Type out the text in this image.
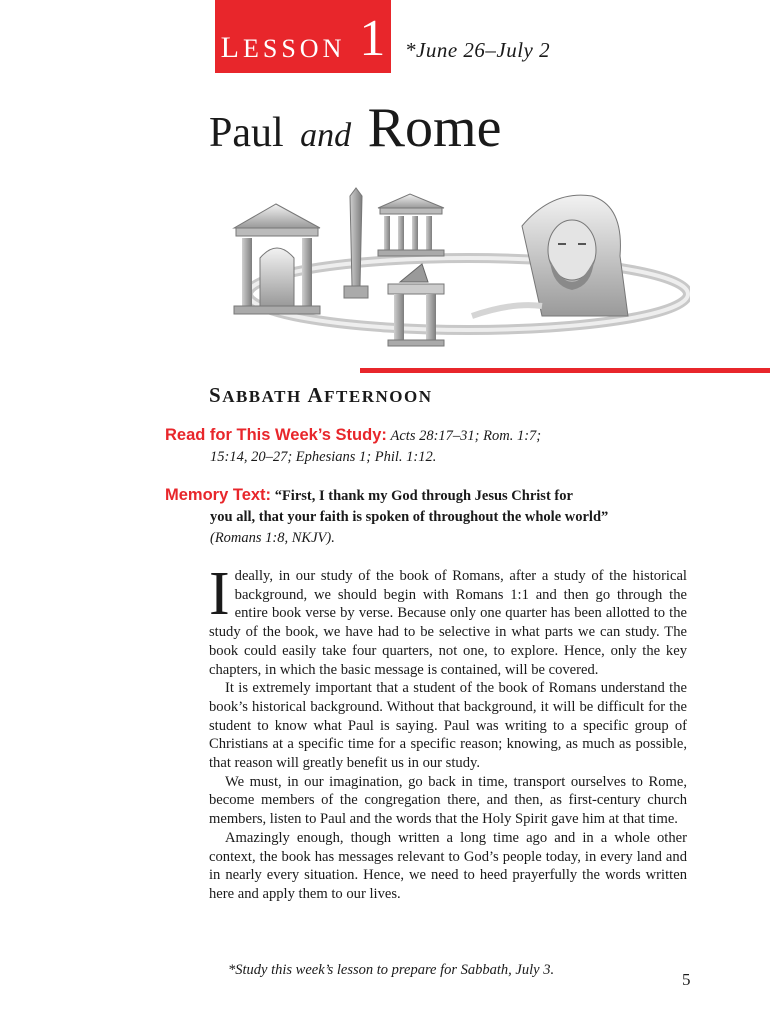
LESSON 1 *June 26–July 2
Paul and Rome
SABBATH AFTERNOON
Read for This Week’s Study: Acts 28:17–31; Rom. 1:7;
15:14, 20–27; Ephesians 1; Phil. 1:12.
Memory Text: “First, I thank my God through Jesus Christ for
you all, that your faith is spoken of throughout the whole world”
(Romans 1:8, NKJV).

Ideally, in our study of the book of Romans, after a study of the historical background, we should begin with Romans 1:1 and then go through the entire book verse by verse. Because only one quarter has been allotted to the study of the book, we have had to be selective in what parts we can study. The book could easily take four quarters, not one, to explore. Hence, only the key chapters, in which the basic message is contained, will be covered.

It is extremely important that a student of the book of Romans understand the book’s historical background. Without that background, it will be difficult for the student to know what Paul is saying. Paul was writing to a specific group of Christians at a specific time for a specific reason; knowing, as much as possible, that reason will greatly benefit us in our study.

We must, in our imagination, go back in time, transport ourselves to Rome, become members of the congregation there, and then, as first-century church members, listen to Paul and the words that the Holy Spirit gave him at that time.

Amazingly enough, though written a long time ago and in a whole other context, the book has messages relevant to God’s people today, in every land and in nearly every situation. Hence, we need to heed prayerfully the words written here and apply them to our lives.

*Study this week’s lesson to prepare for Sabbath, July 3.	5
